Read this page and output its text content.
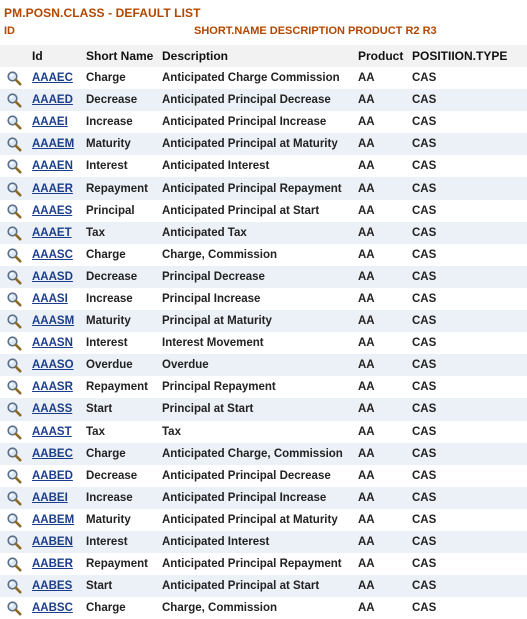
PM.POSN.CLASS - DEFAULT LIST
ID	SHORT.NAME DESCRIPTION PRODUCT R2 R3
	Id	Short Name	Description	Product	POSITIION.TYPE
	AAAEC	Charge	Anticipated Charge Commission	AA	CAS
	AAAED	Decrease	Anticipated Principal Decrease	AA	CAS
	AAAEI	Increase	Anticipated Principal Increase	AA	CAS
	AAAEM	Maturity	Anticipated Principal at Maturity	AA	CAS
	AAAEN	Interest	Anticipated Interest	AA	CAS
	AAAER	Repayment	Anticipated Principal Repayment	AA	CAS
	AAAES	Principal	Anticipated Principal at Start	AA	CAS
	AAAET	Tax	Anticipated Tax	AA	CAS
	AAASC	Charge	Charge, Commission	AA	CAS
	AAASD	Decrease	Principal Decrease	AA	CAS
	AAASI	Increase	Principal Increase	AA	CAS
	AAASM	Maturity	Principal at Maturity	AA	CAS
	AAASN	Interest	Interest Movement	AA	CAS
	AAASO	Overdue	Overdue	AA	CAS
	AAASR	Repayment	Principal Repayment	AA	CAS
	AAASS	Start	Principal at Start	AA	CAS
	AAAST	Tax	Tax	AA	CAS
	AABEC	Charge	Anticipated Charge, Commission	AA	CAS
	AABED	Decrease	Anticipated Principal Decrease	AA	CAS
	AABEI	Increase	Anticipated Principal Increase	AA	CAS
	AABEM	Maturity	Anticipated Principal at Maturity	AA	CAS
	AABEN	Interest	Anticipated Interest	AA	CAS
	AABER	Repayment	Anticipated Principal Repayment	AA	CAS
	AABES	Start	Anticipated Principal at Start	AA	CAS
	AABSC	Charge	Charge, Commission	AA	CAS
